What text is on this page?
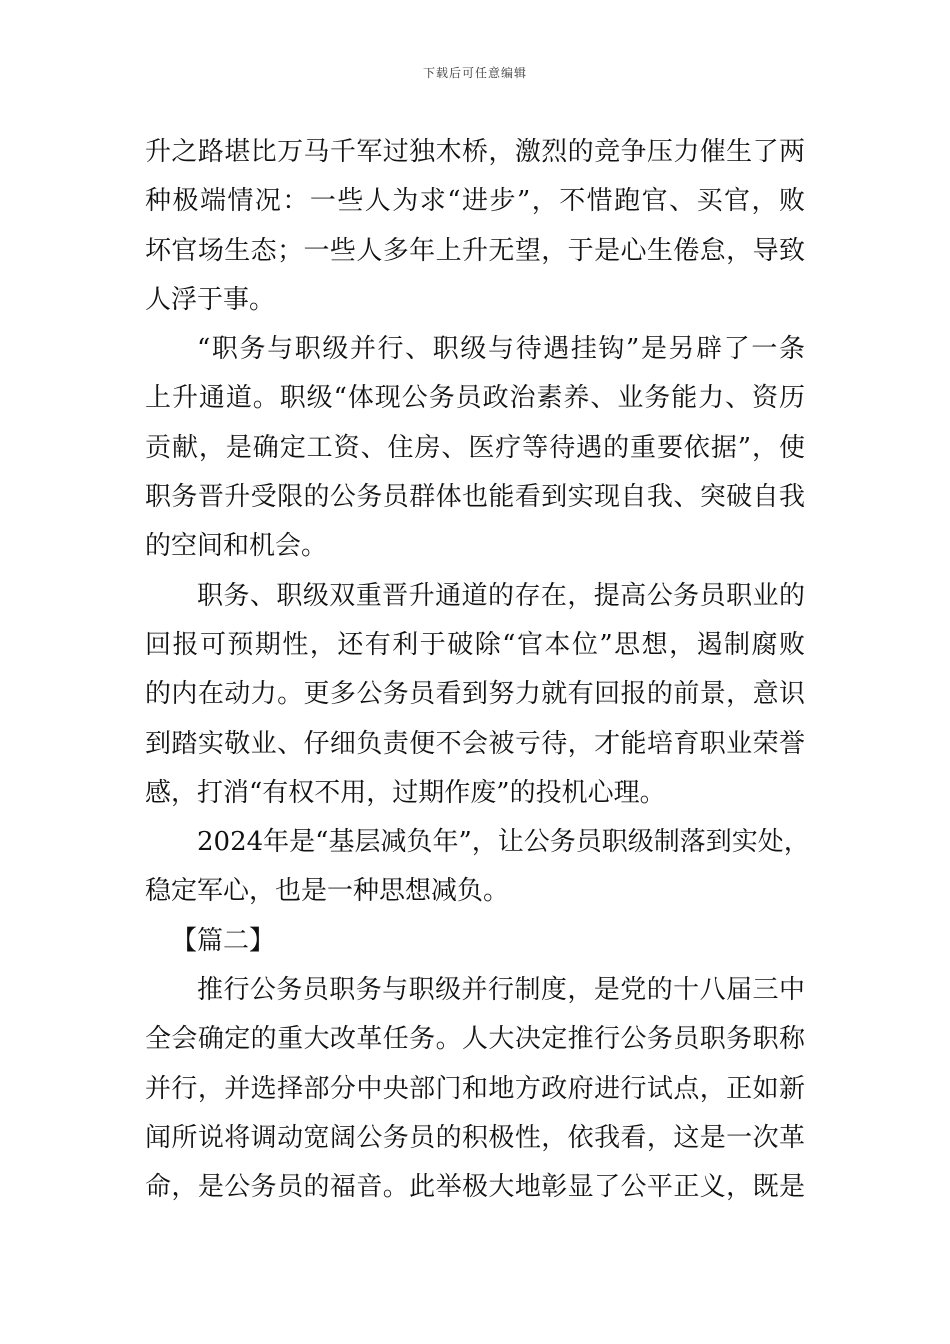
下载后可任意编辑
升之路堪比万马千军过独木桥，激烈的竞争压力催生了两
种极端情况：一些人为求“进步”，不惜跑官、买官，败
坏官场生态；一些人多年上升无望，于是心生倦怠，导致
人浮于事。
“职务与职级并行、职级与待遇挂钩”是另辟了一条
上升通道。职级“体现公务员政治素养、业务能力、资历
贡献，是确定工资、住房、医疗等待遇的重要依据”，使
职务晋升受限的公务员群体也能看到实现自我、突破自我
的空间和机会。
职务、职级双重晋升通道的存在，提高公务员职业的
回报可预期性，还有利于破除“官本位”思想，遏制腐败
的内在动力。更多公务员看到努力就有回报的前景，意识
到踏实敬业、仔细负责便不会被亏待，才能培育职业荣誉
感，打消“有权不用，过期作废”的投机心理。
2024年是“基层减负年”，让公务员职级制落到实处，
稳定军心，也是一种思想减负。
【篇二】
推行公务员职务与职级并行制度，是党的十八届三中
全会确定的重大改革任务。人大决定推行公务员职务职称
并行，并选择部分中央部门和地方政府进行试点，正如新
闻所说将调动宽阔公务员的积极性，依我看，这是一次革
命，是公务员的福音。此举极大地彰显了公平正义，既是
